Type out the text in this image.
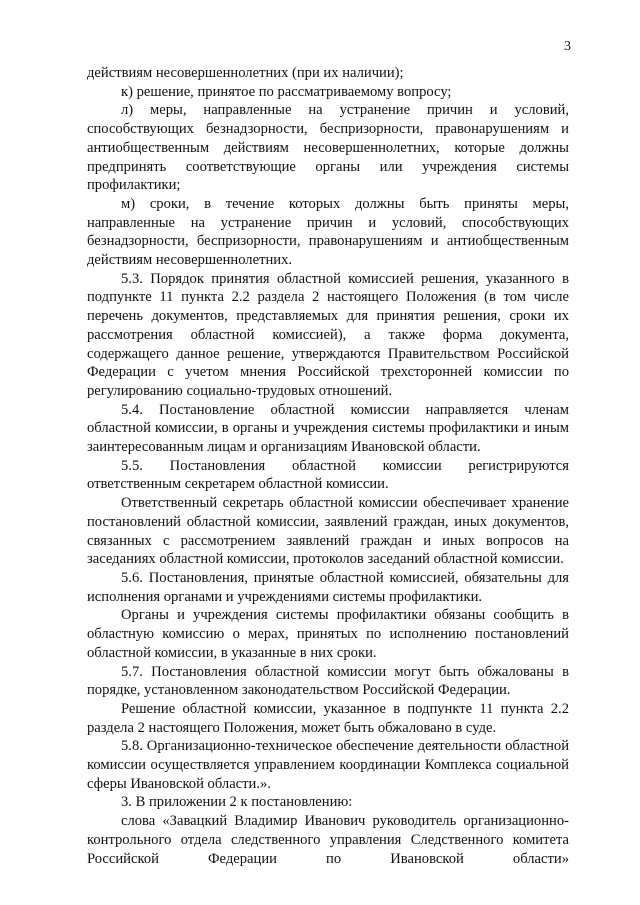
3

действиям несовершеннолетних (при их наличии);

к) решение, принятое по рассматриваемому вопросу;

л) меры, направленные на устранение причин и условий, способствующих безнадзорности, беспризорности, правонарушениям и антиобщественным действиям несовершеннолетних, которые должны предпринять соответствующие органы или учреждения системы профилактики;

м) сроки, в течение которых должны быть приняты меры, направленные на устранение причин и условий, способствующих безнадзорности, беспризорности, правонарушениям и антиобщественным действиям несовершеннолетних.

5.3. Порядок принятия областной комиссией решения, указанного в подпункте 11 пункта 2.2 раздела 2 настоящего Положения (в том числе перечень документов, представляемых для принятия решения, сроки их рассмотрения областной комиссией), а также форма документа, содержащего данное решение, утверждаются Правительством Российской Федерации с учетом мнения Российской трехсторонней комиссии по регулированию социально-трудовых отношений.

5.4. Постановление областной комиссии направляется членам областной комиссии, в органы и учреждения системы профилактики и иным заинтересованным лицам и организациям Ивановской области.

5.5. Постановления областной комиссии регистрируются ответственным секретарем областной комиссии.

Ответственный секретарь областной комиссии обеспечивает хранение постановлений областной комиссии, заявлений граждан, иных документов, связанных с рассмотрением заявлений граждан и иных вопросов на заседаниях областной комиссии, протоколов заседаний областной комиссии.

5.6. Постановления, принятые областной комиссией, обязательны для исполнения органами и учреждениями системы профилактики.

Органы и учреждения системы профилактики обязаны сообщить в областную комиссию о мерах, принятых по исполнению постановлений областной комиссии, в указанные в них сроки.

5.7. Постановления областной комиссии могут быть обжалованы в порядке, установленном законодательством Российской Федерации.

Решение областной комиссии, указанное в подпункте 11 пункта 2.2 раздела 2 настоящего Положения, может быть обжаловано в суде.

5.8. Организационно-техническое обеспечение деятельности областной комиссии осуществляется управлением координации Комплекса социальной сферы Ивановской области.».

3. В приложении 2 к постановлению:

слова «Завацкий Владимир Иванович руководитель организационно-контрольного отдела следственного управления Следственного комитета Российской Федерации по Ивановской области»
